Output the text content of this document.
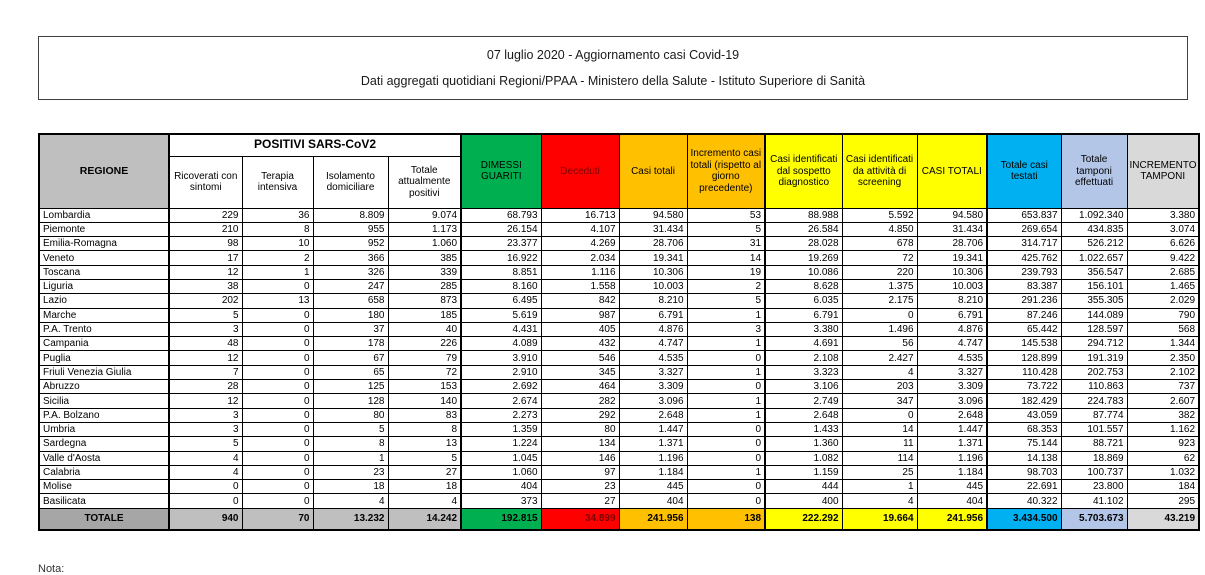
07 luglio 2020 - Aggiornamento casi Covid-19
Dati aggregati quotidiani Regioni/PPAA - Ministero della Salute - Istituto Superiore di Sanità
REGIONE	POSITIVI SARS-CoV2				DIMESSI GUARITI	Deceduti	Casi totali	Incremento casi totali (rispetto al giorno precedente)	Casi identificati dal sospetto diagnostico	Casi identificati da attività di screening	CASI TOTALI	Totale casi testati	Totale tamponi effettuati	INCREMENTO TAMPONI
	Ricoverati con sintomi	Terapia intensiva	Isolamento domiciliare	Totale attualmente positivi										
Lombardia	229	36	8.809	9.074	68.793	16.713	94.580	53	88.988	5.592	94.580	653.837	1.092.340	3.380
Piemonte	210	8	955	1.173	26.154	4.107	31.434	5	26.584	4.850	31.434	269.654	434.835	3.074
Emilia-Romagna	98	10	952	1.060	23.377	4.269	28.706	31	28.028	678	28.706	314.717	526.212	6.626
Veneto	17	2	366	385	16.922	2.034	19.341	14	19.269	72	19.341	425.762	1.022.657	9.422
Toscana	12	1	326	339	8.851	1.116	10.306	19	10.086	220	10.306	239.793	356.547	2.685
Liguria	38	0	247	285	8.160	1.558	10.003	2	8.628	1.375	10.003	83.387	156.101	1.465
Lazio	202	13	658	873	6.495	842	8.210	5	6.035	2.175	8.210	291.236	355.305	2.029
Marche	5	0	180	185	5.619	987	6.791	1	6.791	0	6.791	87.246	144.089	790
P.A. Trento	3	0	37	40	4.431	405	4.876	3	3.380	1.496	4.876	65.442	128.597	568
Campania	48	0	178	226	4.089	432	4.747	1	4.691	56	4.747	145.538	294.712	1.344
Puglia	12	0	67	79	3.910	546	4.535	0	2.108	2.427	4.535	128.899	191.319	2.350
Friuli Venezia Giulia	7	0	65	72	2.910	345	3.327	1	3.323	4	3.327	110.428	202.753	2.102
Abruzzo	28	0	125	153	2.692	464	3.309	0	3.106	203	3.309	73.722	110.863	737
Sicilia	12	0	128	140	2.674	282	3.096	1	2.749	347	3.096	182.429	224.783	2.607
P.A. Bolzano	3	0	80	83	2.273	292	2.648	1	2.648	0	2.648	43.059	87.774	382
Umbria	3	0	5	8	1.359	80	1.447	0	1.433	14	1.447	68.353	101.557	1.162
Sardegna	5	0	8	13	1.224	134	1.371	0	1.360	11	1.371	75.144	88.721	923
Valle d'Aosta	4	0	1	5	1.045	146	1.196	0	1.082	114	1.196	14.138	18.869	62
Calabria	4	0	23	27	1.060	97	1.184	1	1.159	25	1.184	98.703	100.737	1.032
Molise	0	0	18	18	404	23	445	0	444	1	445	22.691	23.800	184
Basilicata	0	0	4	4	373	27	404	0	400	4	404	40.322	41.102	295
TOTALE	940	70	13.232	14.242	192.815	34.899	241.956	138	222.292	19.664	241.956	3.434.500	5.703.673	43.219
Nota:
